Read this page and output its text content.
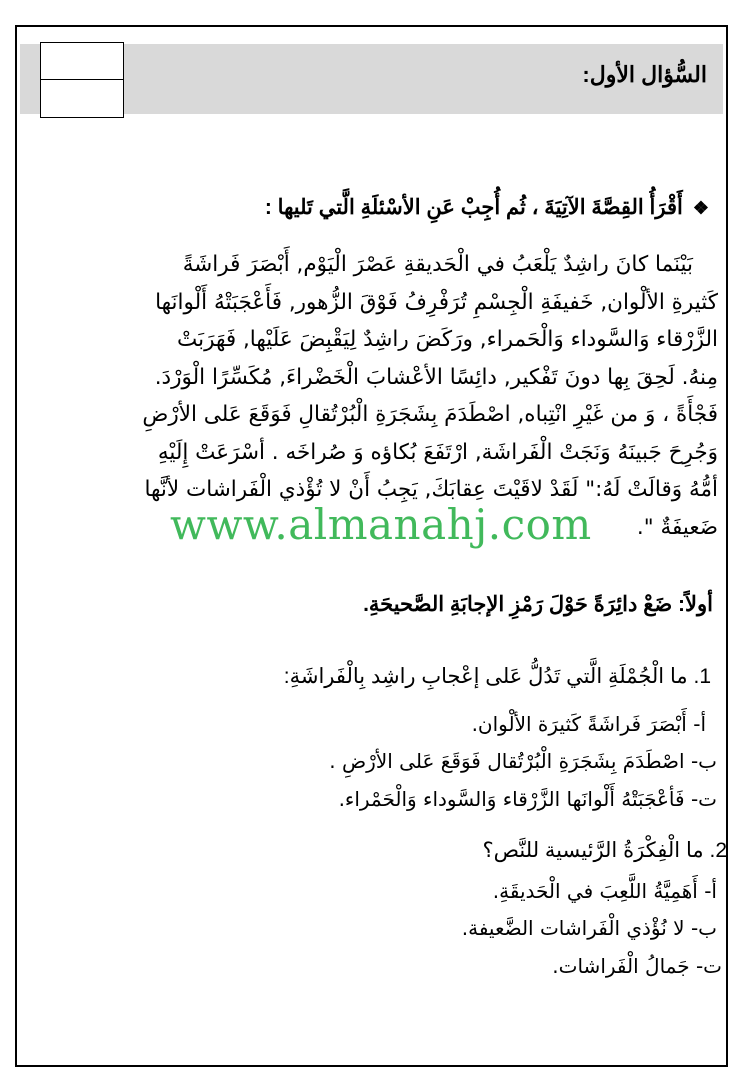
السُّؤال الأول:
❖أَقْرَأُ القِصَّةَ الآتِيَةَ ، ثُم أُجِبْ عَنِ الأسْئلَةِ الَّتي تَليها :
بَيْنَما كانَ راشِدٌ يَلْعَبُ في الْحَديقةِ عَصْرَ الْيَوْم, أَبْصَرَ فَراشَةً
كَثيرةِ الألْوان, خَفيفَةِ الْجِسْمِ تُرَفْرِفُ فَوْقَ الزُّهور, فَأَعْجَبَتْهُ أَلْوانَها
الزَّرْقاء وَالسَّوداء وَالْحَمراء, ورَكَضَ راشِدٌ لِيَقْبِضَ عَلَيْها, فَهَرَبَتْ
مِنهُ. لَحِقَ بِها دونَ تَفْكير, دائِسًا الأعْشابَ الْخَضْراءَ, مُكَسِّرًا الْوَرْدَ.
فَجْأَةً ، وَ من غَيْرِ انْتِباه, اصْطَدَمَ بِشَجَرَةِ الْبُرْتُقالِ فَوَقَعَ عَلى الأرْضِ
وَجُرِحَ جَبينَهُ وَنَجَتْ الْفَراشَة, ارْتَفَعَ بُكاؤه وَ صُراخَه . أسْرَعَتْ إِلَيْهِ
أمُّهُ وَقالَتْ لَهُ:" لَقَدْ لاقَيْتَ عِقابَكَ, يَجِبُ أَنْ لا تُؤْذي الْفَراشات لأنَّها
ضَعيفَةٌ ".
www.almanahj.com
أولاً: ضَعْ دائِرَةً حَوْلَ رَمْزِ الإجابَةِ الصَّحيحَةِ.
1. ما الْجُمْلَةِ الَّتي تَدُلُّ عَلى إعْجابِ راشِد بِالْفَراشَةِ:
أ- أَبْصَرَ فَراشَةً كَثيرَة الألْوان.
ب- اصْطَدَمَ بِشَجَرَةِ الْبُرْتُقال فَوَقَعَ عَلى الأرْضِ .
ت- فَأعْجَبَتْهُ أَلْوانَها الزَّرْقاء وَالسَّوداء وَالْحَمْراء.
2. ما الْفِكْرَةُ الرَّئيسية للنَّص؟
أ- أَهَمِيَّةُ اللَّعِبَ في الْحَديقَةِ.
ب- لا نُؤْذي الْفَراشات الضَّعيفة.
ت- جَمالُ الْفَراشات.
